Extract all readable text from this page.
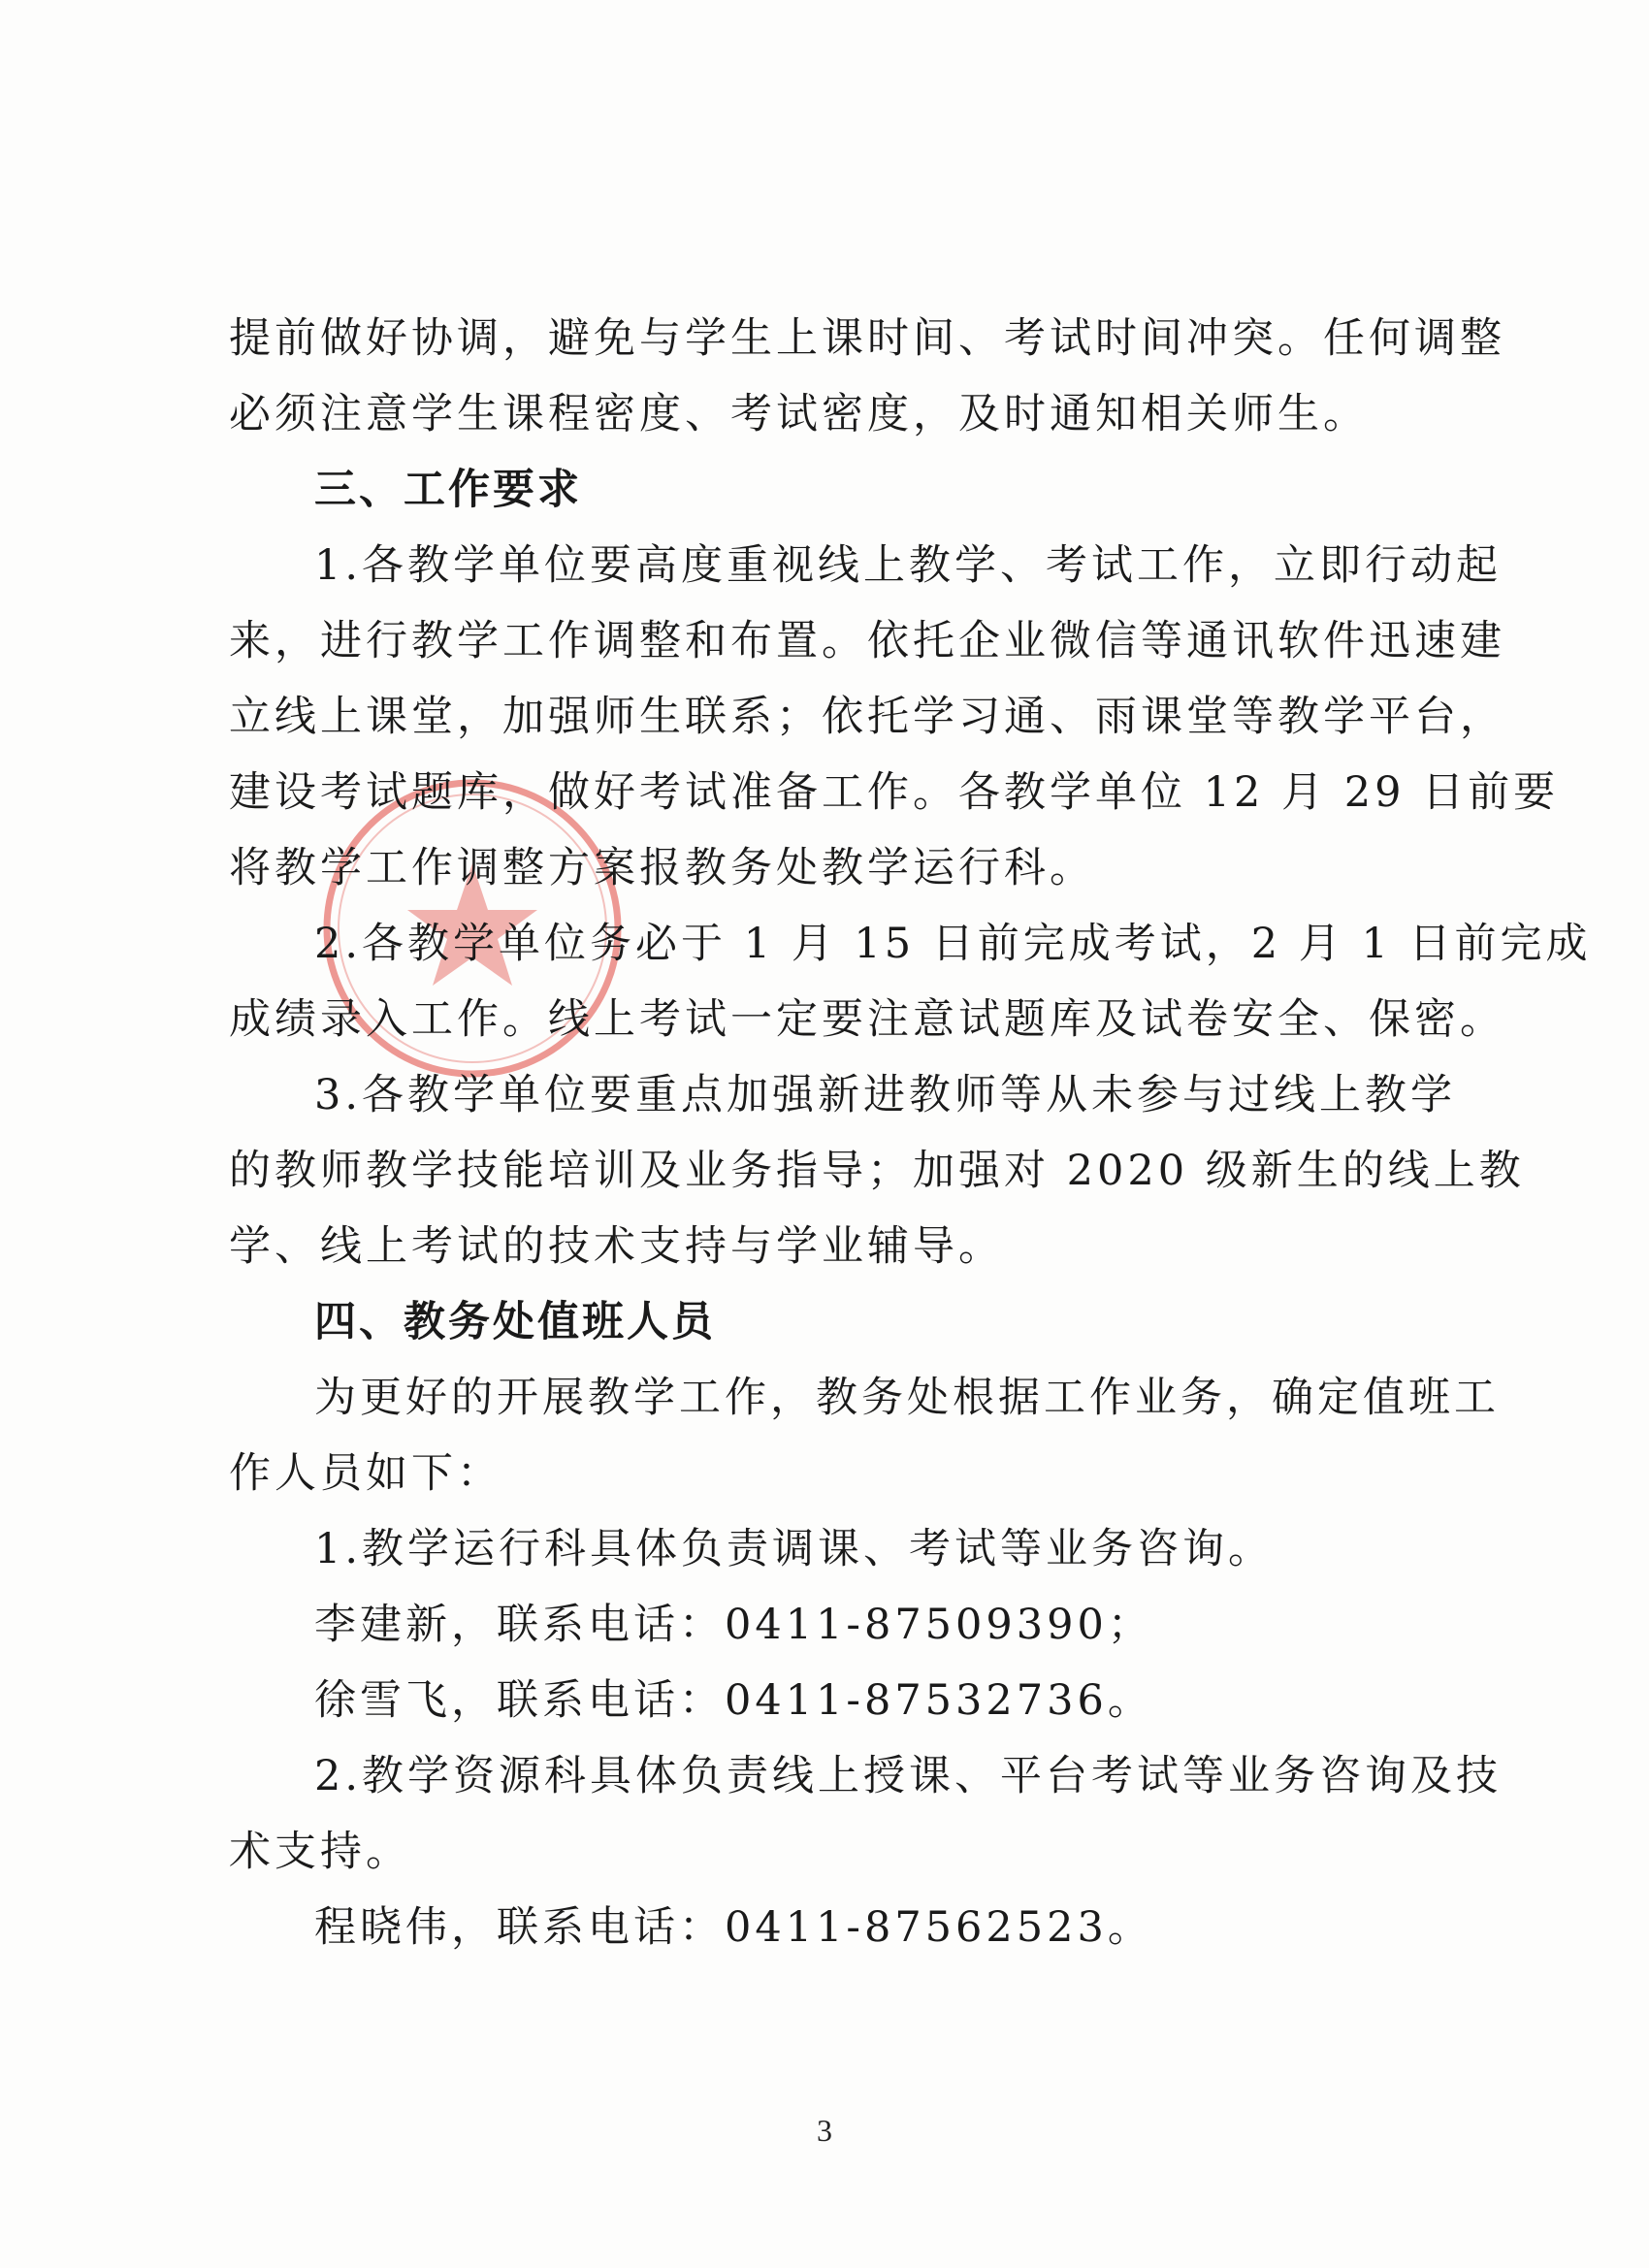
提前做好协调，避免与学生上课时间、考试时间冲突。任何调整
必须注意学生课程密度、考试密度，及时通知相关师生。
三、工作要求
1.各教学单位要高度重视线上教学、考试工作，立即行动起
来，进行教学工作调整和布置。依托企业微信等通讯软件迅速建
立线上课堂，加强师生联系；依托学习通、雨课堂等教学平台，
建设考试题库，做好考试准备工作。各教学单位 12 月 29 日前要
将教学工作调整方案报教务处教学运行科。
2.各教学单位务必于 1 月 15 日前完成考试，2 月 1 日前完成
成绩录入工作。线上考试一定要注意试题库及试卷安全、保密。
3.各教学单位要重点加强新进教师等从未参与过线上教学
的教师教学技能培训及业务指导；加强对 2020 级新生的线上教
学、线上考试的技术支持与学业辅导。
四、教务处值班人员
为更好的开展教学工作，教务处根据工作业务，确定值班工
作人员如下：
1.教学运行科具体负责调课、考试等业务咨询。
李建新，联系电话：0411-87509390；
徐雪飞，联系电话：0411-87532736。
2.教学资源科具体负责线上授课、平台考试等业务咨询及技
术支持。
程晓伟，联系电话：0411-87562523。
3
